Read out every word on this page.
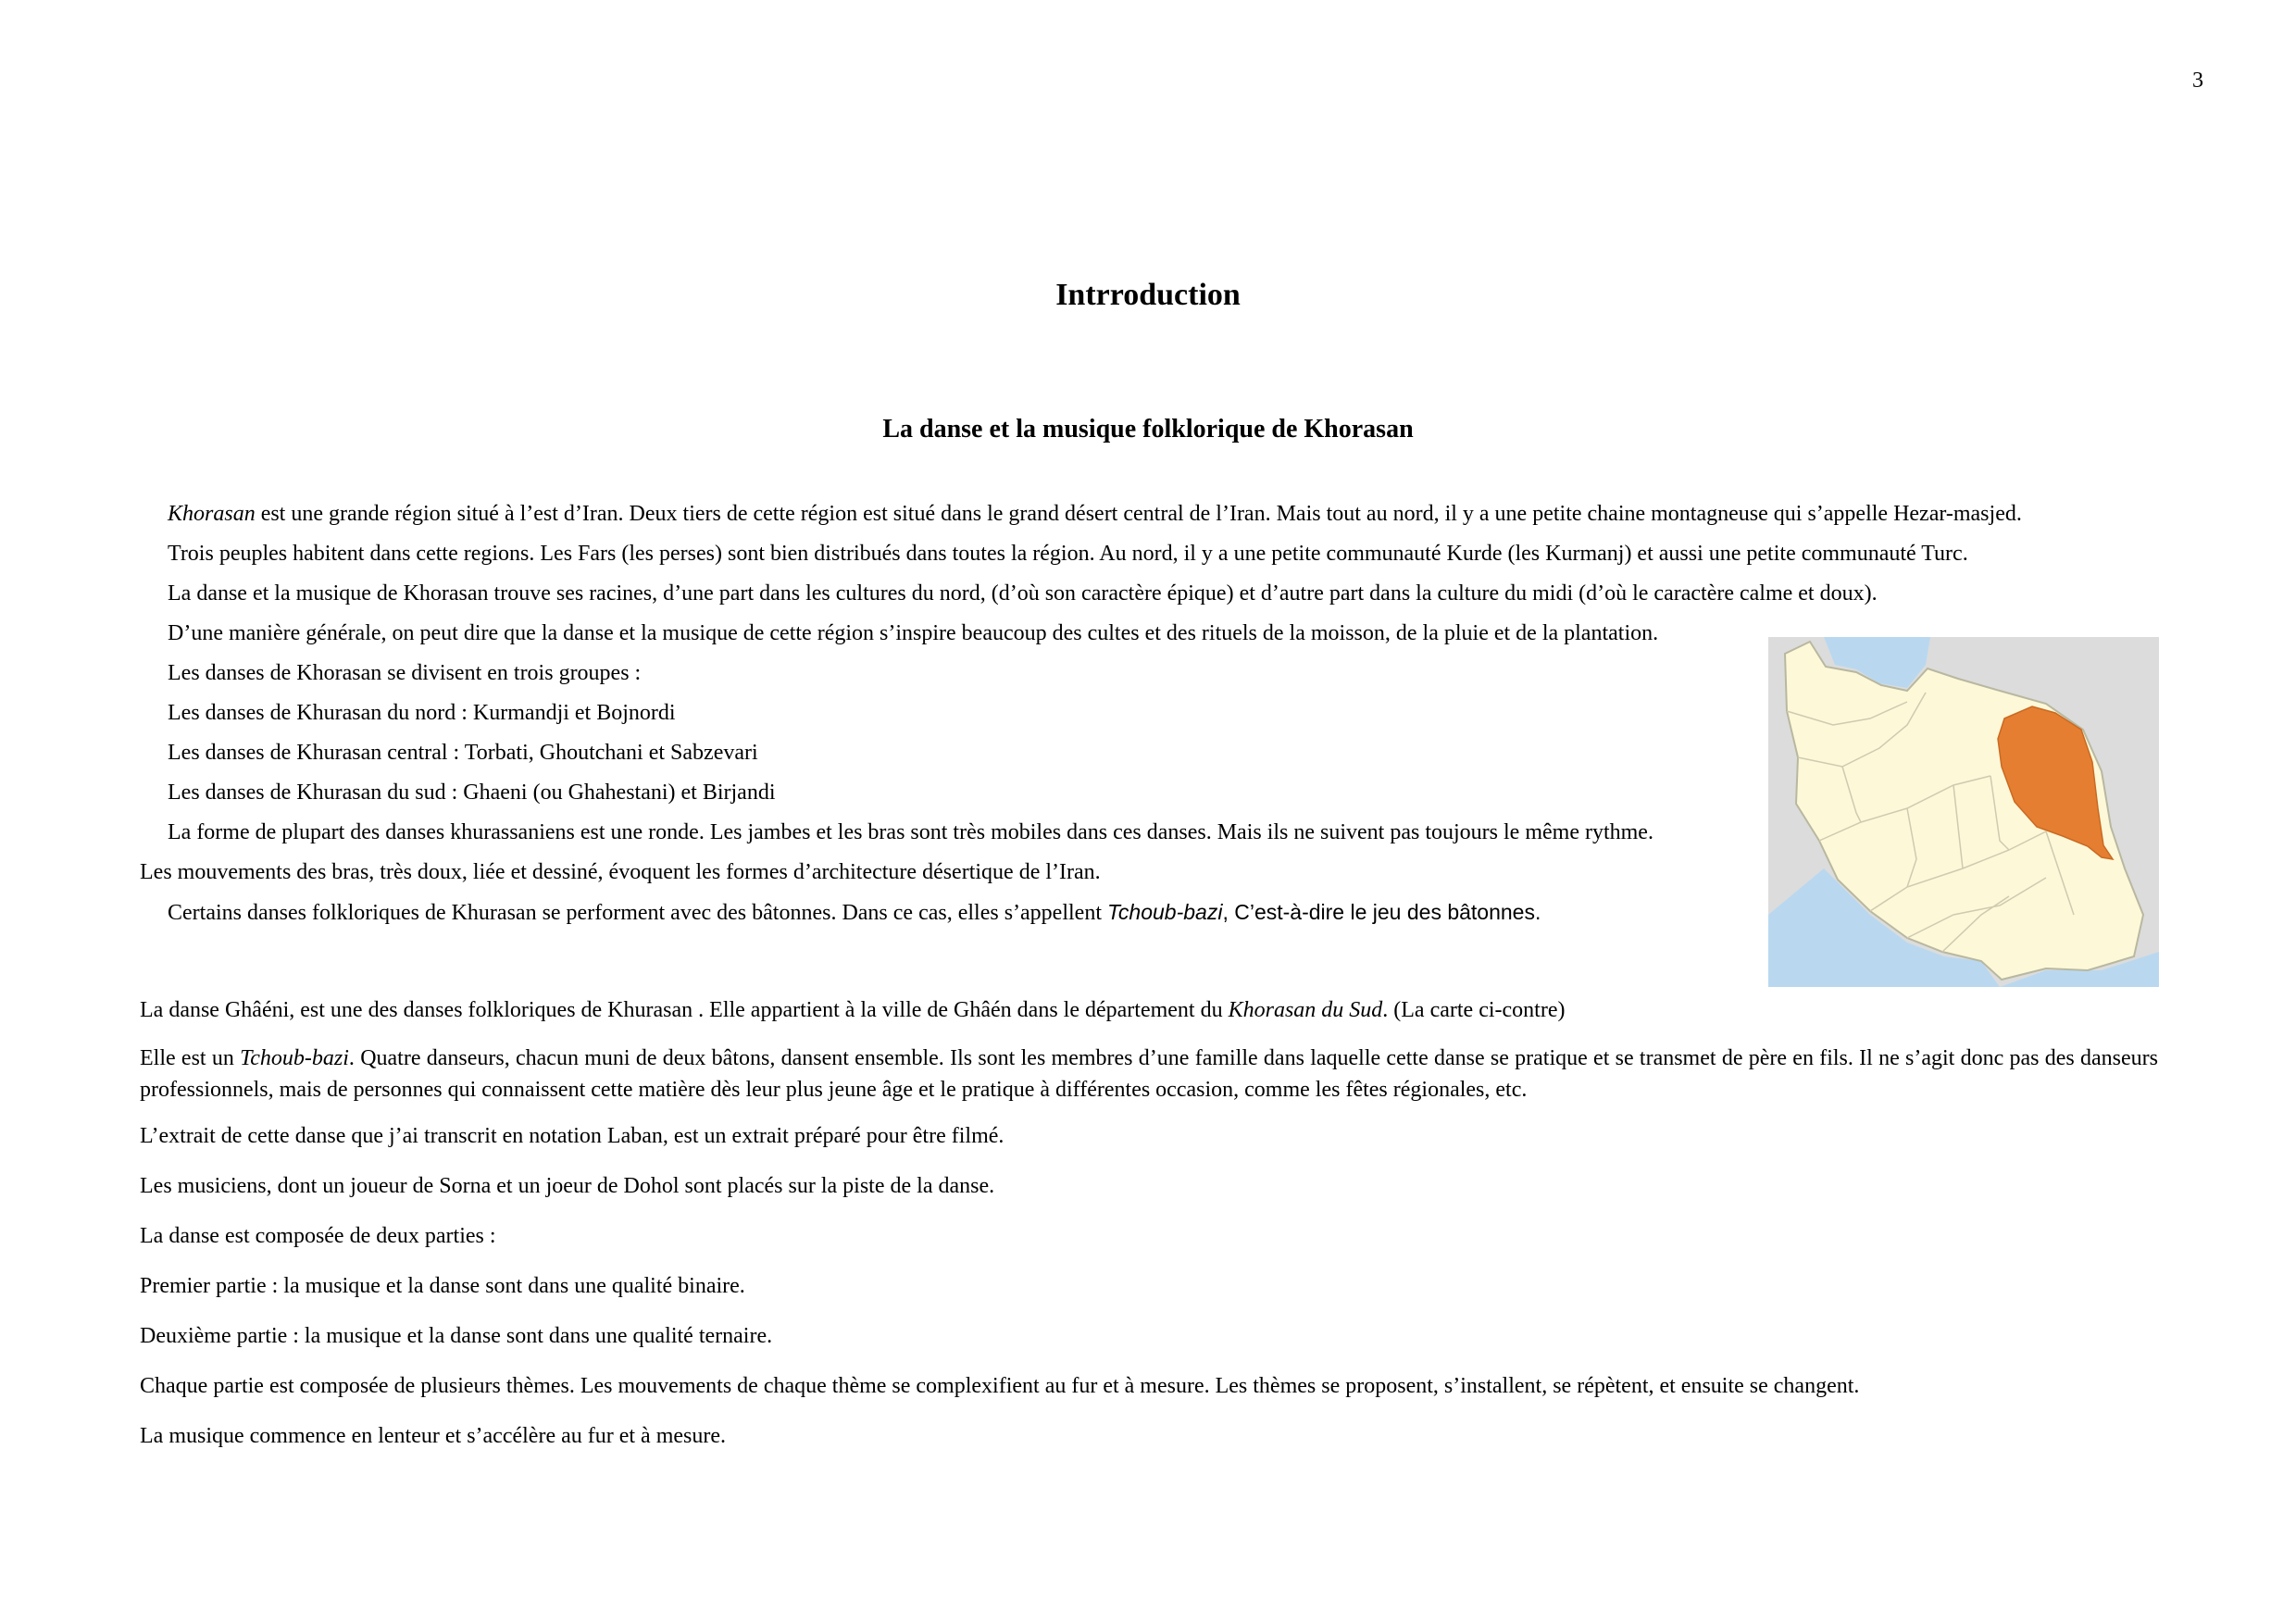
3
Intrroduction
La danse et la musique folklorique de Khorasan
Khorasan est une grande région situé à l’est d’Iran. Deux tiers de cette région est situé dans le grand désert central de l’Iran. Mais tout au nord, il y a une petite chaine montagneuse qui s’appelle Hezar-masjed.
Trois peuples habitent dans cette regions. Les Fars (les perses) sont bien distribués dans toutes la région. Au nord, il y a une petite communauté Kurde (les Kurmanj) et aussi une petite communauté Turc.
La danse et la musique de Khorasan trouve ses racines, d’une part dans les cultures du nord, (d’où son caractère épique) et d’autre part dans la culture du midi (d’où le caractère calme et doux).
D’une manière générale, on peut dire que la danse et la musique de cette région s’inspire beaucoup des cultes et des rituels de la moisson, de la pluie et de la plantation.
Les danses de Khorasan se divisent en trois groupes :
Les danses de Khurasan du nord : Kurmandji et Bojnordi
Les danses de Khurasan central : Torbati, Ghoutchani et Sabzevari
Les danses de Khurasan du sud : Ghaeni (ou Ghahestani) et Birjandi
La forme de plupart des danses khurassaniens est une ronde. Les jambes et les bras sont très mobiles dans ces danses. Mais ils ne suivent pas toujours le même rythme.
Les mouvements des bras, très doux, liée et dessiné, évoquent les formes d’architecture désertique de l’Iran.
Certains danses folkloriques de Khurasan se performent avec des bâtonnes. Dans ce cas, elles s’appellent Tchoub-bazi, C’est-à-dire le jeu des bâtonnes.
La danse Ghâéni, est une des danses folkloriques de Khurasan . Elle appartient à la ville de Ghâén dans le département du Khorasan du Sud. (La carte ci-contre)
Elle est un Tchoub-bazi. Quatre danseurs, chacun muni de deux bâtons, dansent ensemble. Ils sont les membres d’une famille dans laquelle cette danse se pratique et se transmet de père en fils. Il ne s’agit donc pas des danseurs professionnels, mais de personnes qui connaissent cette matière dès leur plus jeune âge et le pratique à différentes occasion, comme les fêtes régionales, etc.
L’extrait de cette danse que j’ai transcrit en notation Laban, est un extrait préparé pour être filmé.
Les musiciens, dont un joueur de Sorna et un joeur de Dohol sont placés sur la piste de la danse.
La danse est composée de deux parties :
Premier partie : la musique et la danse sont dans une qualité binaire.
Deuxième partie : la musique et la danse sont dans une qualité ternaire.
Chaque partie est composée de plusieurs thèmes. Les mouvements de chaque thème se complexifient au fur et à mesure. Les thèmes se proposent, s’installent, se répètent, et ensuite se changent.
La musique commence en lenteur et s’accélère au fur et à mesure.
